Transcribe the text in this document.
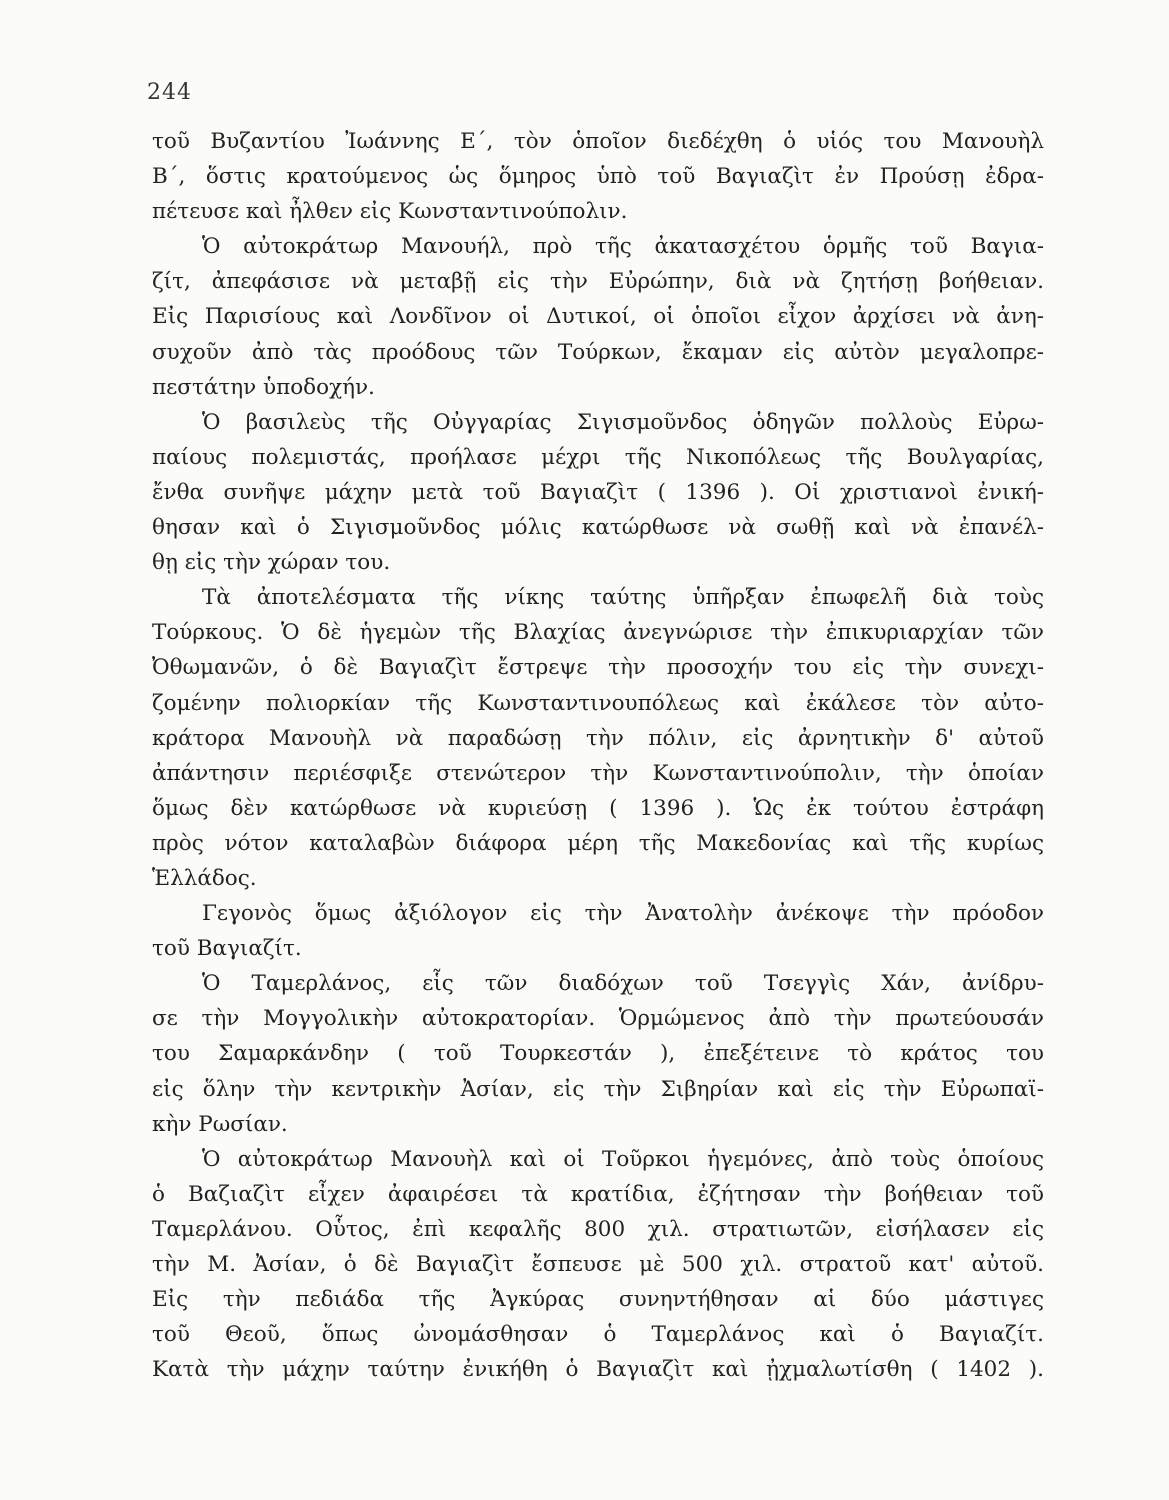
244
τοῦ Βυζαντίου Ἰωάννης Ε΄, τὸν ὁποῖον διεδέχθη ὁ υἱός του Μανουὴλ
Β΄, ὅστις κρατούμενος ὡς ὅμηρος ὑπὸ τοῦ Βαγιαζὶτ ἐν Προύσῃ ἐδρα-
πέτευσε καὶ ἦλθεν εἰς Κωνσταντινούπολιν.
Ὁ αὐτοκράτωρ Μανουήλ, πρὸ τῆς ἀκατασχέτου ὁρμῆς τοῦ Βαγια-
ζίτ, ἀπεφάσισε νὰ μεταβῇ εἰς τὴν Εὐρώπην, διὰ νὰ ζητήσῃ βοήθειαν.
Εἰς Παρισίους καὶ Λονδῖνον οἱ Δυτικοί, οἱ ὁποῖοι εἶχον ἀρχίσει νὰ ἀνη-
συχοῦν ἀπὸ τὰς προόδους τῶν Τούρκων, ἔκαμαν εἰς αὐτὸν μεγαλοπρε-
πεστάτην ὑποδοχήν.
Ὁ βασιλεὺς τῆς Οὐγγαρίας Σιγισμοῦνδος ὁδηγῶν πολλοὺς Εὐρω-
παίους πολεμιστάς, προήλασε μέχρι τῆς Νικοπόλεως τῆς Βουλγαρίας,
ἔνθα συνῆψε μάχην μετὰ τοῦ Βαγιαζὶτ ( 1396 ). Οἱ χριστιανοὶ ἐνική-
θησαν καὶ ὁ Σιγισμοῦνδος μόλις κατώρθωσε νὰ σωθῇ καὶ νὰ ἐπανέλ-
θῃ εἰς τὴν χώραν του.
Τὰ ἀποτελέσματα τῆς νίκης ταύτης ὑπῆρξαν ἐπωφελῆ διὰ τοὺς
Τούρκους. Ὁ δὲ ἡγεμὼν τῆς Βλαχίας ἀνεγνώρισε τὴν ἐπικυριαρχίαν τῶν
Ὀθωμανῶν, ὁ δὲ Βαγιαζὶτ ἔστρεψε τὴν προσοχήν του εἰς τὴν συνεχι-
ζομένην πολιορκίαν τῆς Κωνσταντινουπόλεως καὶ ἐκάλεσε τὸν αὐτο-
κράτορα Μανουὴλ νὰ παραδώσῃ τὴν πόλιν, εἰς ἀρνητικὴν δ' αὐτοῦ
ἀπάντησιν περιέσφιξε στενώτερον τὴν Κωνσταντινούπολιν, τὴν ὁποίαν
ὅμως δὲν κατώρθωσε νὰ κυριεύσῃ ( 1396 ). Ὡς ἐκ τούτου ἐστράφη
πρὸς νότον καταλαβὼν διάφορα μέρη τῆς Μακεδονίας καὶ τῆς κυρίως
Ἑλλάδος.
Γεγονὸς ὅμως ἀξιόλογον εἰς τὴν Ἀνατολὴν ἀνέκοψε τὴν πρόοδον
τοῦ Βαγιαζίτ.
Ὁ Ταμερλάνος, εἷς τῶν διαδόχων τοῦ Τσεγγὶς Χάν, ἀνίδρυ-
σε τὴν Μογγολικὴν αὐτοκρατορίαν. Ὁρμώμενος ἀπὸ τὴν πρωτεύουσάν
του Σαμαρκάνδην ( τοῦ Τουρκεστάν ), ἐπεξέτεινε τὸ κράτος του
εἰς ὅλην τὴν κεντρικὴν Ἀσίαν, εἰς τὴν Σιβηρίαν καὶ εἰς τὴν Εὐρωπαϊ-
κὴν Ρωσίαν.
Ὁ αὐτοκράτωρ Μανουὴλ καὶ οἱ Τοῦρκοι ἡγεμόνες, ἀπὸ τοὺς ὁποίους
ὁ Βαζιαζὶτ εἶχεν ἀφαιρέσει τὰ κρατίδια, ἐζήτησαν τὴν βοήθειαν τοῦ
Ταμερλάνου. Οὗτος, ἐπὶ κεφαλῆς 800 χιλ. στρατιωτῶν, εἰσήλασεν εἰς
τὴν Μ. Ἀσίαν, ὁ δὲ Βαγιαζὶτ ἔσπευσε μὲ 500 χιλ. στρατοῦ κατ' αὐτοῦ.
Εἰς τὴν πεδιάδα τῆς Ἀγκύρας συνηντήθησαν αἱ δύο μάστιγες
τοῦ Θεοῦ, ὅπως ὠνομάσθησαν ὁ Ταμερλάνος καὶ ὁ Βαγιαζίτ.
Κατὰ τὴν μάχην ταύτην ἐνικήθη ὁ Βαγιαζὶτ καὶ ᾐχμαλωτίσθη ( 1402 ).
